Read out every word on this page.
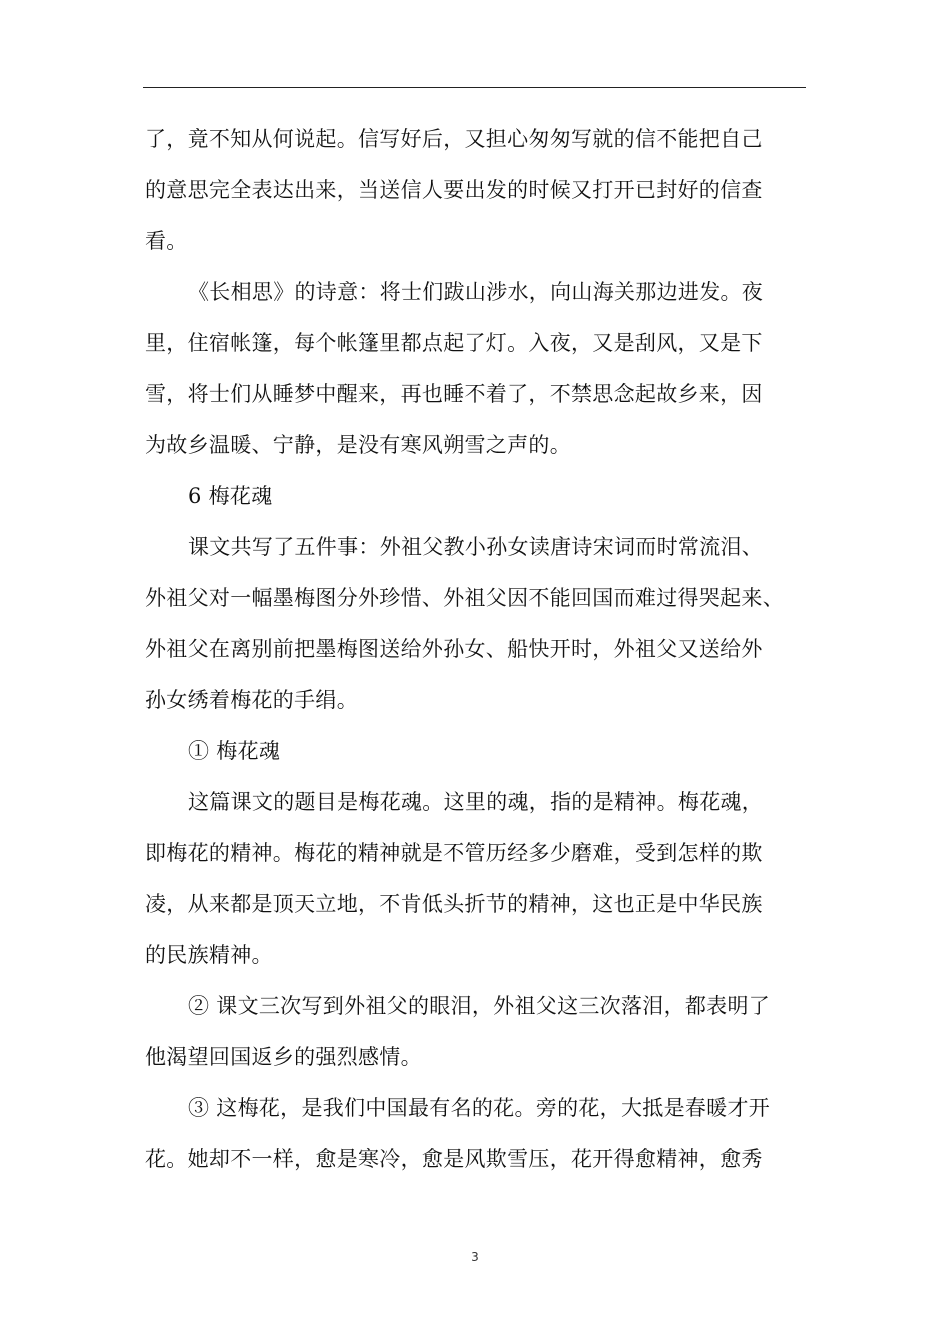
了，竟不知从何说起。信写好后，又担心匆匆写就的信不能把自己
的意思完全表达出来，当送信人要出发的时候又打开已封好的信查
看。
《长相思》的诗意：将士们跋山涉水，向山海关那边进发。夜
里，住宿帐篷，每个帐篷里都点起了灯。入夜，又是刮风，又是下
雪，将士们从睡梦中醒来，再也睡不着了，不禁思念起故乡来，因
为故乡温暖、宁静，是没有寒风朔雪之声的。
6 梅花魂
课文共写了五件事：外祖父教小孙女读唐诗宋词而时常流泪、
外祖父对一幅墨梅图分外珍惜、外祖父因不能回国而难过得哭起来、
外祖父在离别前把墨梅图送给外孙女、船快开时，外祖父又送给外
孙女绣着梅花的手绢。
① 梅花魂
这篇课文的题目是梅花魂。这里的魂，指的是精神。梅花魂，
即梅花的精神。梅花的精神就是不管历经多少磨难，受到怎样的欺
凌，从来都是顶天立地，不肯低头折节的精神，这也正是中华民族
的民族精神。
② 课文三次写到外祖父的眼泪，外祖父这三次落泪，都表明了
他渴望回国返乡的强烈感情。
③ 这梅花，是我们中国最有名的花。旁的花，大抵是春暖才开
花。她却不一样，愈是寒冷，愈是风欺雪压，花开得愈精神，愈秀
3
